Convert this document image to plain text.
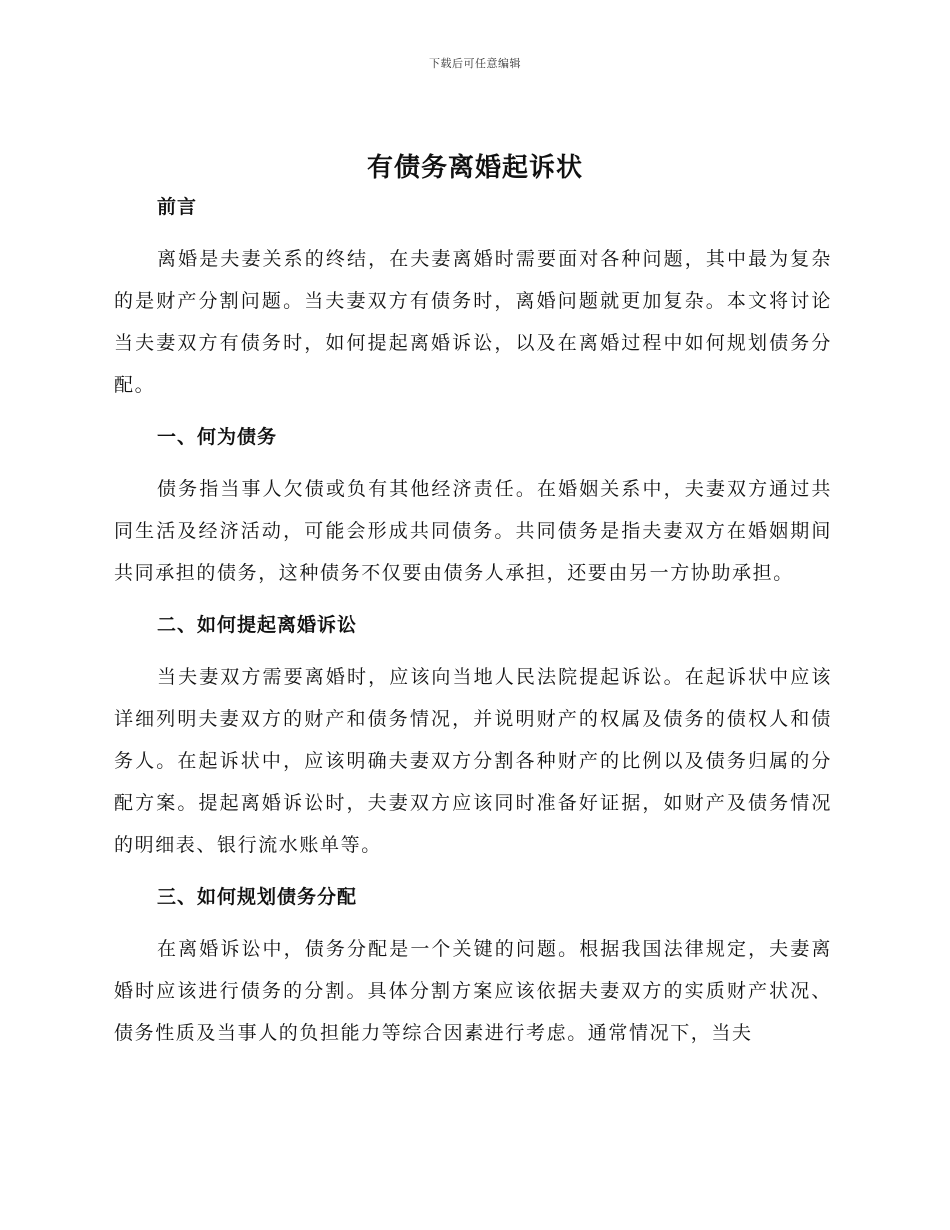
下载后可任意编辑
有债务离婚起诉状
前言

离婚是夫妻关系的终结，在夫妻离婚时需要面对各种问题，其中最为复杂的是财产分割问题。当夫妻双方有债务时，离婚问题就更加复杂。本文将讨论当夫妻双方有债务时，如何提起离婚诉讼，以及在离婚过程中如何规划债务分配。

一、何为债务

债务指当事人欠债或负有其他经济责任。在婚姻关系中，夫妻双方通过共同生活及经济活动，可能会形成共同债务。共同债务是指夫妻双方在婚姻期间共同承担的债务，这种债务不仅要由债务人承担，还要由另一方协助承担。

二、如何提起离婚诉讼

当夫妻双方需要离婚时，应该向当地人民法院提起诉讼。在起诉状中应该详细列明夫妻双方的财产和债务情况，并说明财产的权属及债务的债权人和债务人。在起诉状中，应该明确夫妻双方分割各种财产的比例以及债务归属的分配方案。提起离婚诉讼时，夫妻双方应该同时准备好证据，如财产及债务情况的明细表、银行流水账单等。

三、如何规划债务分配

在离婚诉讼中，债务分配是一个关键的问题。根据我国法律规定，夫妻离婚时应该进行债务的分割。具体分割方案应该依据夫妻双方的实质财产状况、债务性质及当事人的负担能力等综合因素进行考虑。通常情况下，当夫
